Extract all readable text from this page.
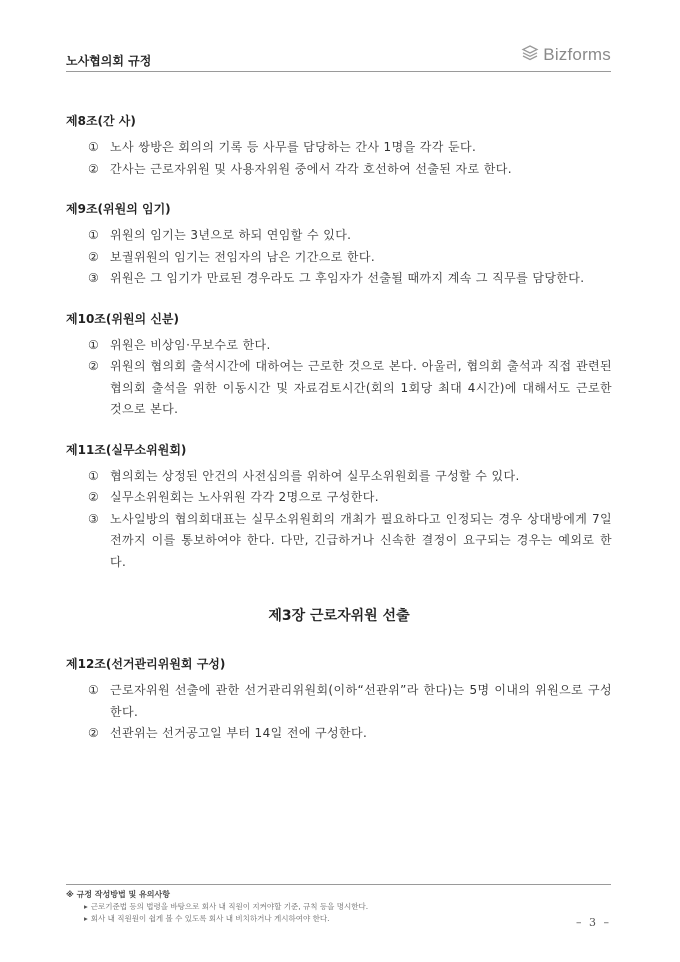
노사협의회 규정	Bizforms
제8조(간 사)
① 노사 쌍방은 회의의 기록 등 사무를 담당하는 간사 1명을 각각 둔다.
② 간사는 근로자위원 및 사용자위원 중에서 각각 호선하여 선출된 자로 한다.
제9조(위원의 임기)
① 위원의 임기는 3년으로 하되 연임할 수 있다.
② 보궐위원의 임기는 전임자의 남은 기간으로 한다.
③ 위원은 그 임기가 만료된 경우라도 그 후임자가 선출될 때까지 계속 그 직무를 담당한다.
제10조(위원의 신분)
① 위원은 비상임·무보수로 한다.
② 위원의 협의회 출석시간에 대하여는 근로한 것으로 본다. 아울러, 협의회 출석과 직접 관련된 협의회 출석을 위한 이동시간 및 자료검토시간(회의 1회당 최대 4시간)에 대해서도 근로한 것으로 본다.
제11조(실무소위원회)
① 협의회는 상정된 안건의 사전심의를 위하여 실무소위원회를 구성할 수 있다.
② 실무소위원회는 노사위원 각각 2명으로 구성한다.
③ 노사일방의 협의회대표는 실무소위원회의 개최가 필요하다고 인정되는 경우 상대방에게 7일 전까지 이를 통보하여야 한다. 다만, 긴급하거나 신속한 결정이 요구되는 경우는 예외로 한다.
제3장 근로자위원 선출
제12조(선거관리위원회 구성)
① 근로자위원 선출에 관한 선거관리위원회(이하“선관위”라 한다)는 5명 이내의 위원으로 구성한다.
② 선관위는 선거공고일 부터 14일 전에 구성한다.
※ 규정 작성방법 및 유의사항
▸ 근로기준법 등의 법령을 바탕으로 회사 내 직원이 지켜야할 기준, 규칙 등을 명시한다.
▸ 회사 내 직원원이 쉽게 볼 수 있도록 회사 내 비치하거나 게시하여야 한다.	– 3 –
